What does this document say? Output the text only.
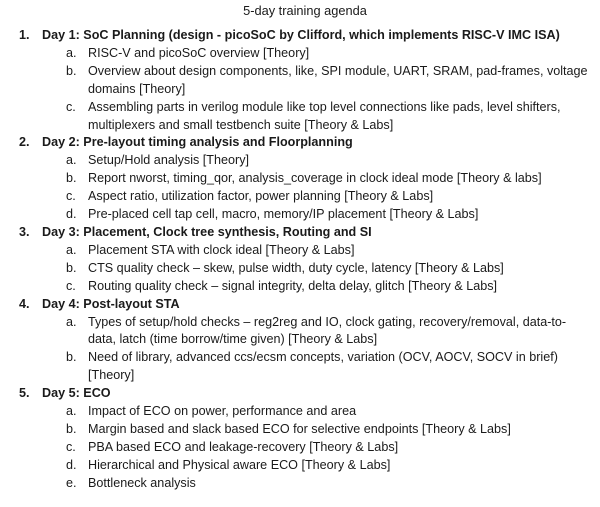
5-day training agenda
1. Day 1: SoC Planning (design - picoSoC by Clifford, which implements RISC-V IMC ISA)
a. RISC-V and picoSoC overview [Theory]
b. Overview about design components, like, SPI module, UART, SRAM, pad-frames, voltage domains [Theory]
c. Assembling parts in verilog module like top level connections like pads, level shifters, multiplexers and small testbench suite [Theory & Labs]
2. Day 2: Pre-layout timing analysis and Floorplanning
a. Setup/Hold analysis [Theory]
b. Report nworst, timing_qor, analysis_coverage in clock ideal mode [Theory & labs]
c. Aspect ratio, utilization factor, power planning [Theory & Labs]
d. Pre-placed cell tap cell, macro, memory/IP placement [Theory & Labs]
3. Day 3: Placement, Clock tree synthesis, Routing and SI
a. Placement STA with clock ideal [Theory & Labs]
b. CTS quality check – skew, pulse width, duty cycle, latency [Theory & Labs]
c. Routing quality check – signal integrity, delta delay, glitch [Theory & Labs]
4. Day 4: Post-layout STA
a. Types of setup/hold checks – reg2reg and IO, clock gating, recovery/removal, data-to-data, latch (time borrow/time given) [Theory & Labs]
b. Need of library, advanced ccs/ecsm concepts, variation (OCV, AOCV, SOCV in brief) [Theory]
5. Day 5: ECO
a. Impact of ECO on power, performance and area
b. Margin based and slack based ECO for selective endpoints [Theory & Labs]
c. PBA based ECO and leakage-recovery [Theory & Labs]
d. Hierarchical and Physical aware ECO [Theory & Labs]
e. Bottleneck analysis
